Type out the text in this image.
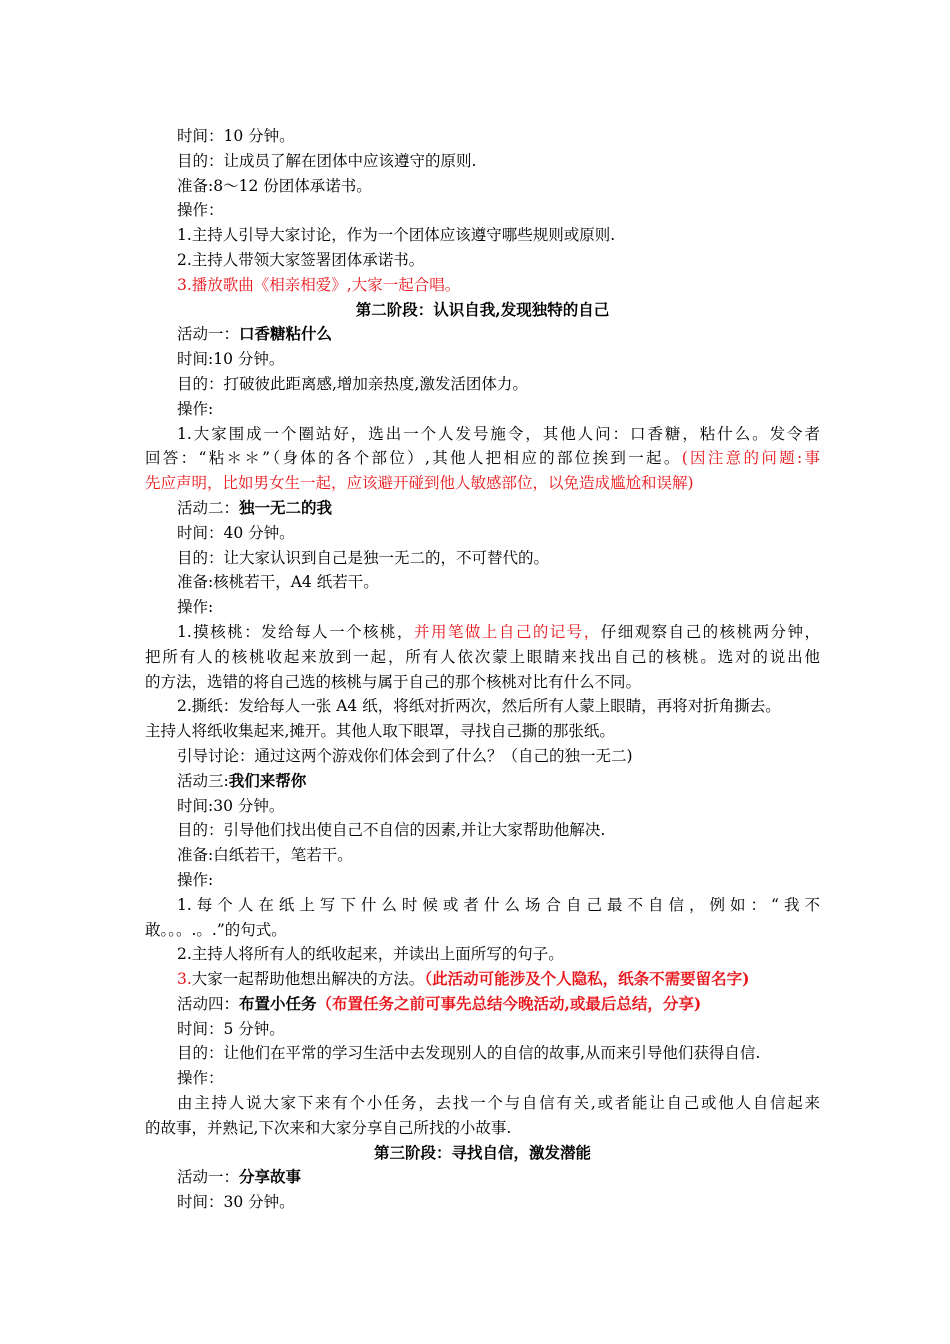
时间：10 分钟。
目的：让成员了解在团体中应该遵守的原则.
准备:8～12 份团体承诺书。
操作：
1.主持人引导大家讨论，作为一个团体应该遵守哪些规则或原则.
2.主持人带领大家签署团体承诺书。
3.播放歌曲《相亲相爱》,大家一起合唱。
第二阶段：认识自我,发现独特的自己
活动一：口香糖粘什么
时间:10 分钟。
目的：打破彼此距离感,增加亲热度,激发活团体力。
操作:
1.大家围成一个圈站好，选出一个人发号施令，其他人问：口香糖，粘什么。发令者
回答：“粘＊＊”（身体的各个部位）,其他人把相应的部位挨到一起。(因注意的问题:事
先应声明，比如男女生一起，应该避开碰到他人敏感部位，以免造成尴尬和误解)
活动二：独一无二的我
时间：40 分钟。
目的：让大家认识到自己是独一无二的，不可替代的。
准备:核桃若干，A4 纸若干。
操作:
1.摸核桃：发给每人一个核桃，并用笔做上自己的记号，仔细观察自己的核桃两分钟，
把所有人的核桃收起来放到一起，所有人依次蒙上眼睛来找出自己的核桃。选对的说出他
的方法，选错的将自己选的核桃与属于自己的那个核桃对比有什么不同。
2.撕纸：发给每人一张 A4 纸，将纸对折两次，然后所有人蒙上眼睛，再将对折角撕去。
主持人将纸收集起来,摊开。其他人取下眼罩，寻找自己撕的那张纸。
引导讨论：通过这两个游戏你们体会到了什么？（自己的独一无二)
活动三:我们来帮你
时间:30 分钟。
目的：引导他们找出使自己不自信的因素,并让大家帮助他解决.
准备:白纸若干，笔若干。
操作:
1.每个人在纸上写下什么时候或者什么场合自己最不自信，例如：“我不
敢。。。.。.”的句式。
2.主持人将所有人的纸收起来，并读出上面所写的句子。
3.大家一起帮助他想出解决的方法。（此活动可能涉及个人隐私，纸条不需要留名字)
活动四：布置小任务（布置任务之前可事先总结今晚活动,或最后总结，分享)
时间：5 分钟。
目的：让他们在平常的学习生活中去发现别人的自信的故事,从而来引导他们获得自信.
操作：
由主持人说大家下来有个小任务，去找一个与自信有关,或者能让自己或他人自信起来
的故事，并熟记,下次来和大家分享自己所找的小故事.
第三阶段：寻找自信，激发潜能
活动一：分享故事
时间：30 分钟。
